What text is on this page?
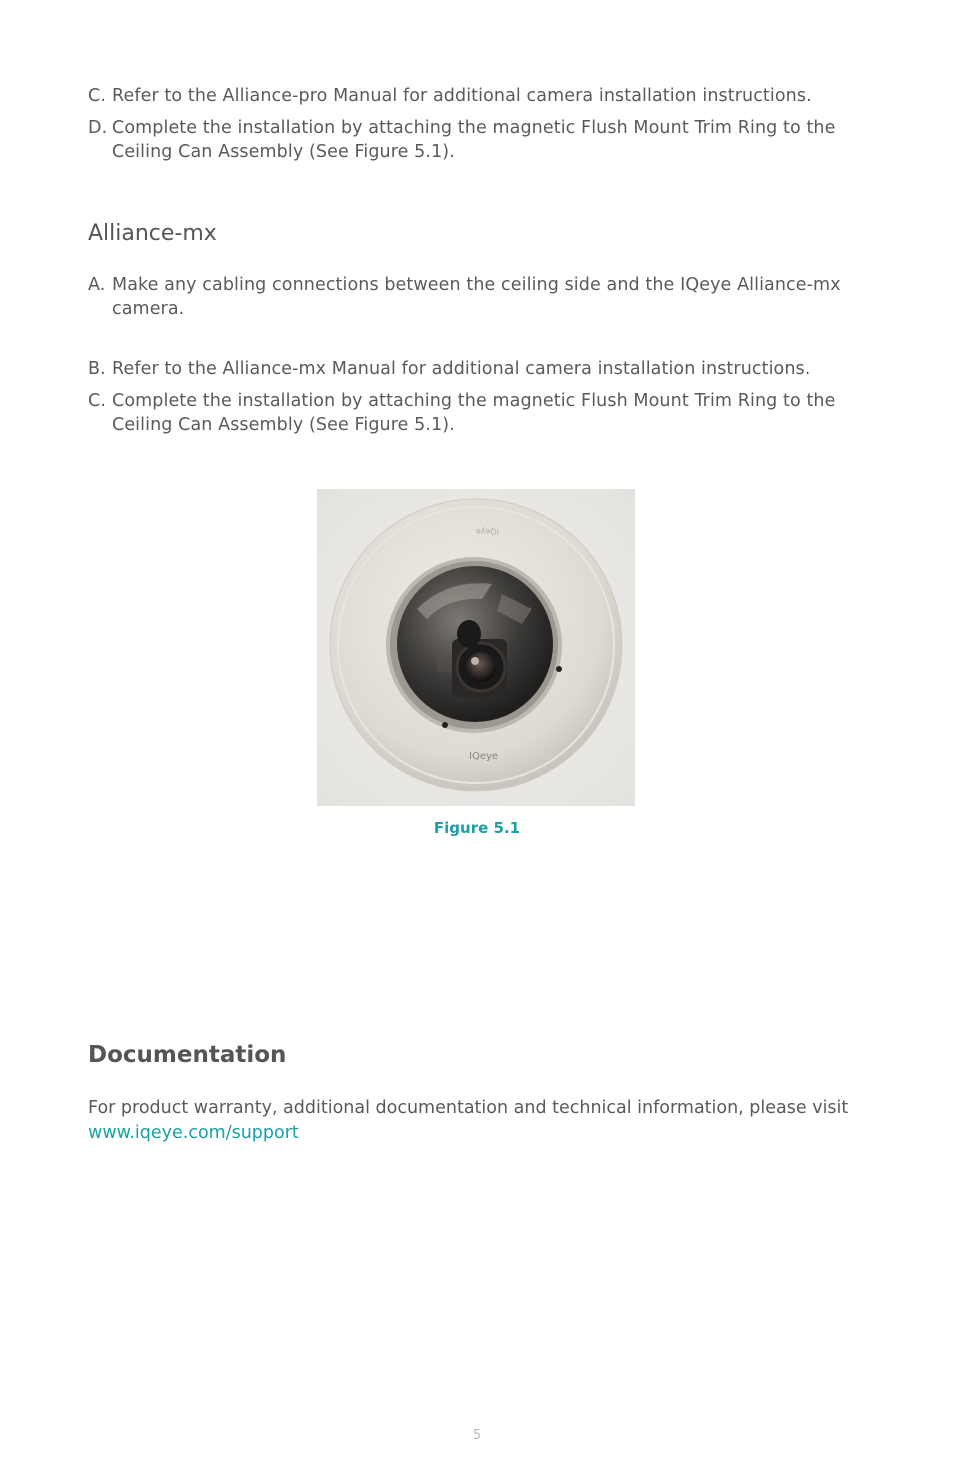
C. Refer to the Alliance-pro Manual for additional camera installation instructions.
D. Complete the installation by attaching the magnetic Flush Mount Trim Ring to the Ceiling Can Assembly (See Figure 5.1).
Alliance-mx
A. Make any cabling connections between the ceiling side and the IQeye Alliance-mx camera.
B. Refer to the Alliance-mx Manual for additional camera installation instructions.
C. Complete the installation by attaching the magnetic Flush Mount Trim Ring to the Ceiling Can Assembly (See Figure 5.1).
IQeye
IQeye
Figure 5.1
Documentation
For product warranty, additional documentation and technical information, please visit
www.iqeye.com/support
5
